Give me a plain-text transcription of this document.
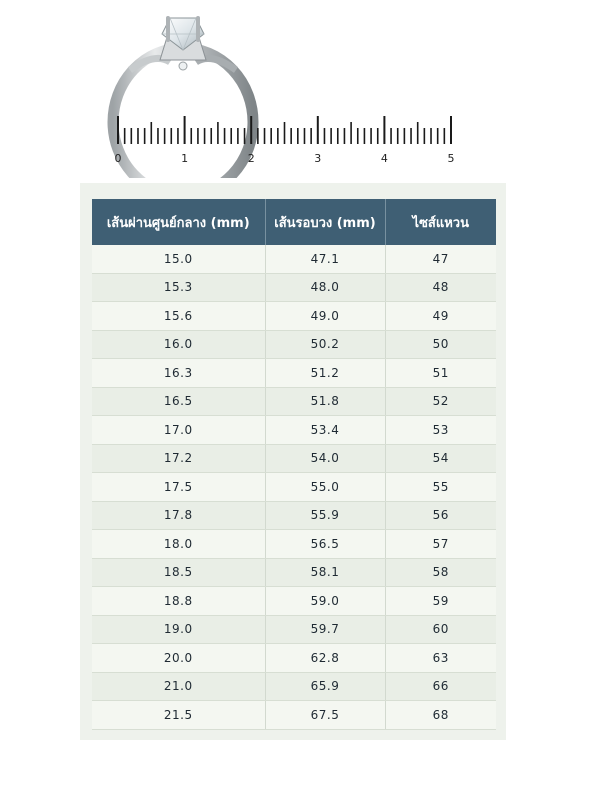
0	1	2	3	4	5
เส้นผ่านศูนย์กลาง (mm)	เส้นรอบวง (mm)	ไซส์แหวน
15.0	47.1	47
15.3	48.0	48
15.6	49.0	49
16.0	50.2	50
16.3	51.2	51
16.5	51.8	52
17.0	53.4	53
17.2	54.0	54
17.5	55.0	55
17.8	55.9	56
18.0	56.5	57
18.5	58.1	58
18.8	59.0	59
19.0	59.7	60
20.0	62.8	63
21.0	65.9	66
21.5	67.5	68
